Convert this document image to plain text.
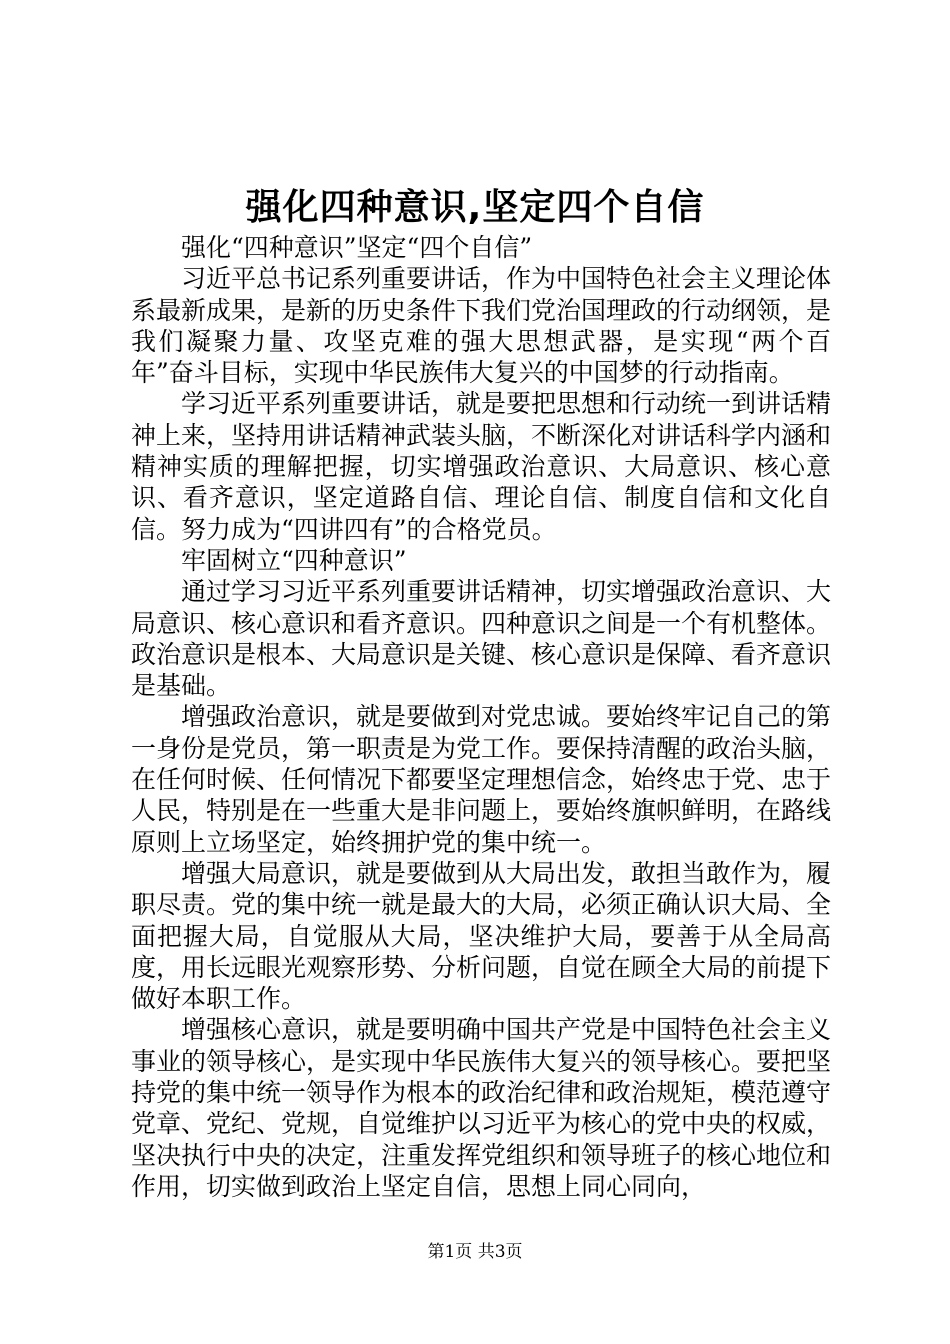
强化四种意识,坚定四个自信

强化“四种意识”坚定“四个自信”

习近平总书记系列重要讲话，作为中国特色社会主义理论体系最新成果，是新的历史条件下我们党治国理政的行动纲领，是我们凝聚力量、攻坚克难的强大思想武器，是实现“两个百年”奋斗目标，实现中华民族伟大复兴的中国梦的行动指南。

学习近平系列重要讲话，就是要把思想和行动统一到讲话精神上来，坚持用讲话精神武装头脑，不断深化对讲话科学内涵和精神实质的理解把握，切实增强政治意识、大局意识、核心意识、看齐意识，坚定道路自信、理论自信、制度自信和文化自信。努力成为“四讲四有”的合格党员。

牢固树立“四种意识”

通过学习习近平系列重要讲话精神，切实增强政治意识、大局意识、核心意识和看齐意识。四种意识之间是一个有机整体。政治意识是根本、大局意识是关键、核心意识是保障、看齐意识是基础。

增强政治意识，就是要做到对党忠诚。要始终牢记自己的第一身份是党员，第一职责是为党工作。要保持清醒的政治头脑，在任何时候、任何情况下都要坚定理想信念，始终忠于党、忠于人民，特别是在一些重大是非问题上，要始终旗帜鲜明，在路线原则上立场坚定，始终拥护党的集中统一。

增强大局意识，就是要做到从大局出发，敢担当敢作为，履职尽责。党的集中统一就是最大的大局，必须正确认识大局、全面把握大局，自觉服从大局，坚决维护大局，要善于从全局高度，用长远眼光观察形势、分析问题，自觉在顾全大局的前提下做好本职工作。

增强核心意识，就是要明确中国共产党是中国特色社会主义事业的领导核心，是实现中华民族伟大复兴的领导核心。要把坚持党的集中统一领导作为根本的政治纪律和政治规矩，模范遵守党章、党纪、党规，自觉维护以习近平为核心的党中央的权威，坚决执行中央的决定，注重发挥党组织和领导班子的核心地位和作用，切实做到政治上坚定自信，思想上同心同向，

第1页 共3页
